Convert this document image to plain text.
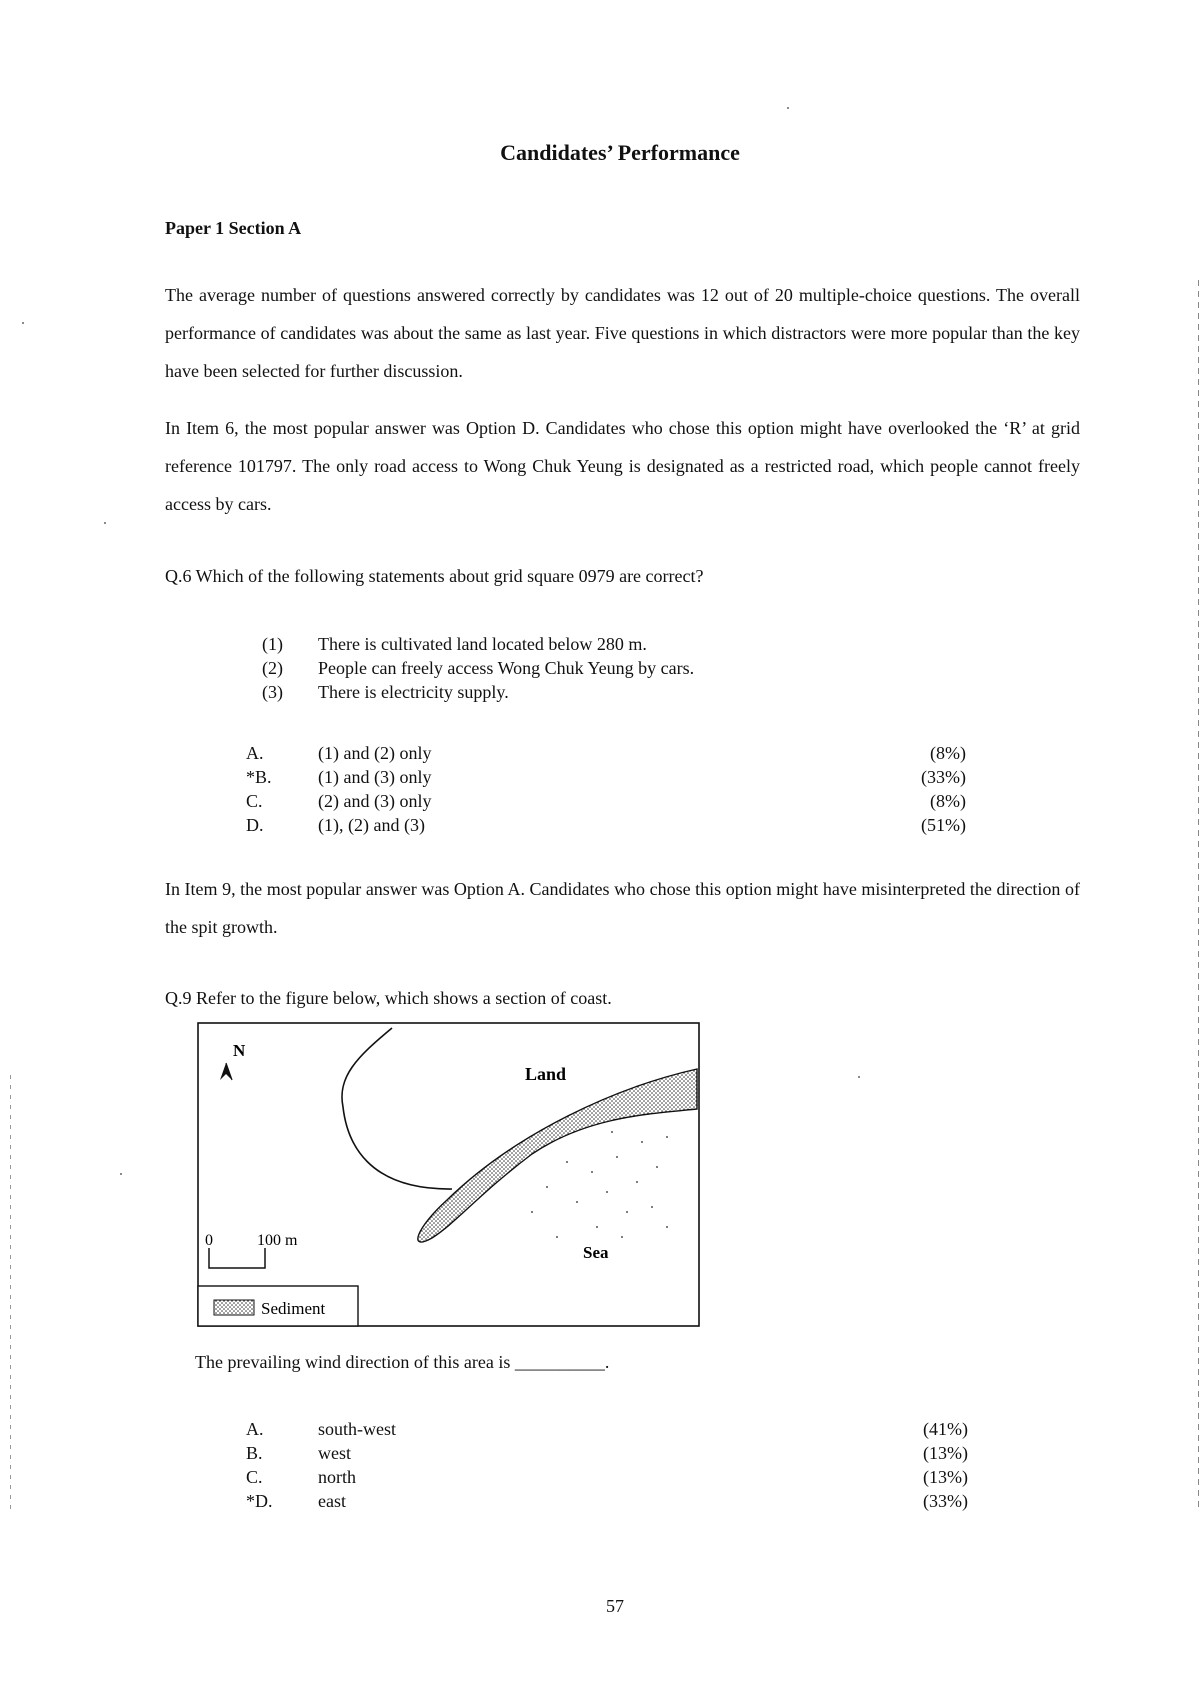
Candidates’ Performance
Paper 1 Section A
The average number of questions answered correctly by candidates was 12 out of 20 multiple-choice questions. The overall performance of candidates was about the same as last year. Five questions in which distractors were more popular than the key have been selected for further discussion.
In Item 6, the most popular answer was Option D. Candidates who chose this option might have overlooked the ‘R’ at grid reference 101797. The only road access to Wong Chuk Yeung is designated as a restricted road, which people cannot freely access by cars.
Q.6 Which of the following statements about grid square 0979 are correct?
(1)	There is cultivated land located below 280 m.
(2)	People can freely access Wong Chuk Yeung by cars.
(3)	There is electricity supply.
A.	(1) and (2) only	(8%)
*B.	(1) and (3) only	(33%)
C.	(2) and (3) only	(8%)
D.	(1), (2) and (3)	(51%)
In Item 9, the most popular answer was Option A. Candidates who chose this option might have misinterpreted the direction of the spit growth.
Q.9 Refer to the figure below, which shows a section of coast.
N
Land
Sea
0	100 m
Sediment
The prevailing wind direction of this area is __________.
A.	south-west	(41%)
B.	west	(13%)
C.	north	(13%)
*D.	east	(33%)
57
